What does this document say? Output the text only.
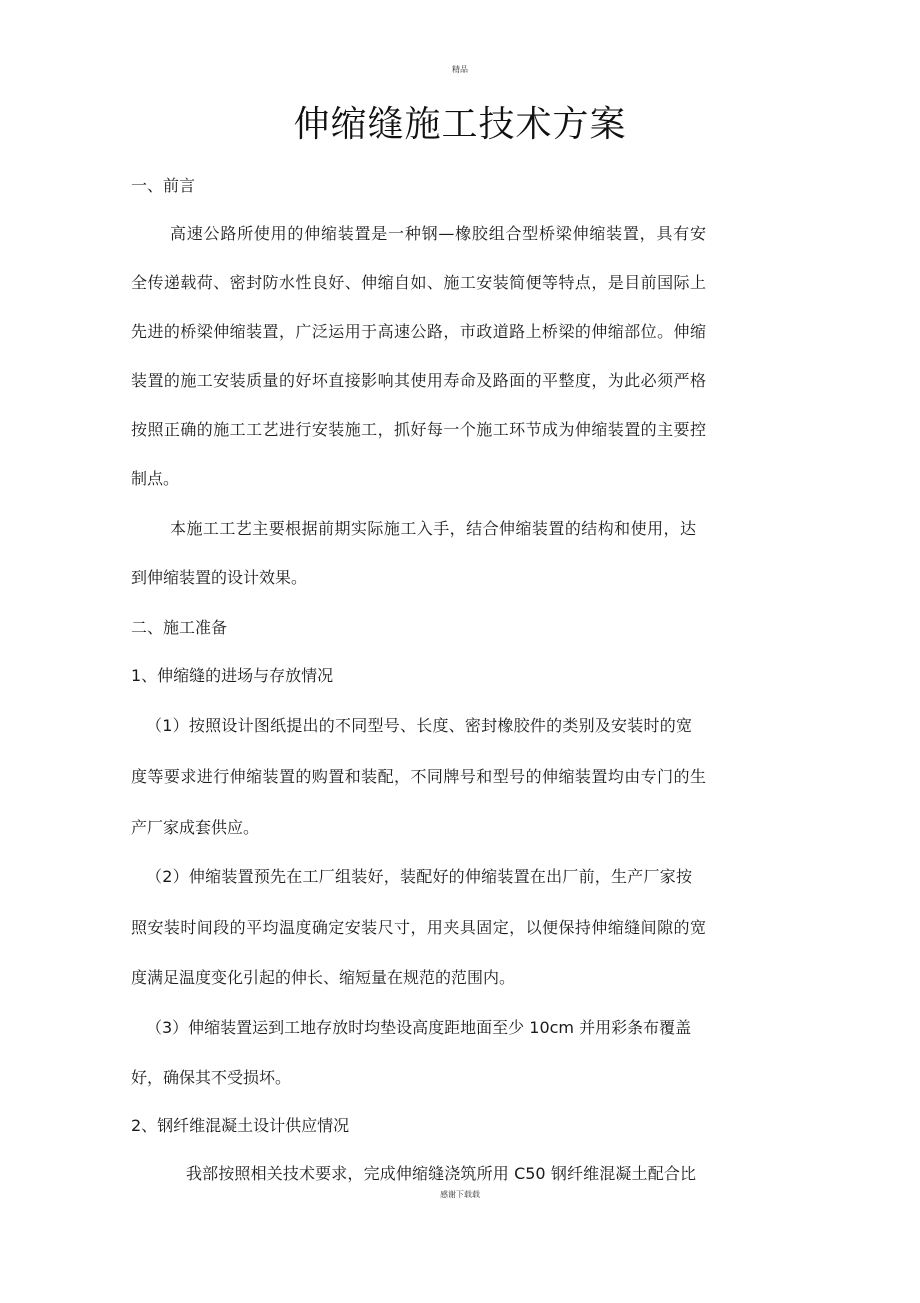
精品
伸缩缝施工技术方案
一、前言
高速公路所使用的伸缩装置是一种钢—橡胶组合型桥梁伸缩装置，具有安
全传递载荷、密封防水性良好、伸缩自如、施工安装简便等特点，是目前国际上
先进的桥梁伸缩装置，广泛运用于高速公路，市政道路上桥梁的伸缩部位。伸缩
装置的施工安装质量的好坏直接影响其使用寿命及路面的平整度，为此必须严格
按照正确的施工工艺进行安装施工，抓好每一个施工环节成为伸缩装置的主要控
制点。
本施工工艺主要根据前期实际施工入手，结合伸缩装置的结构和使用，达
到伸缩装置的设计效果。
二、施工准备
1、伸缩缝的进场与存放情况
（1）按照设计图纸提出的不同型号、长度、密封橡胶件的类别及安装时的宽
度等要求进行伸缩装置的购置和装配，不同牌号和型号的伸缩装置均由专门的生
产厂家成套供应。
（2）伸缩装置预先在工厂组装好，装配好的伸缩装置在出厂前，生产厂家按
照安装时间段的平均温度确定安装尺寸，用夹具固定，以便保持伸缩缝间隙的宽
度满足温度变化引起的伸长、缩短量在规范的范围内。
（3）伸缩装置运到工地存放时均垫设高度距地面至少 10cm 并用彩条布覆盖
好，确保其不受损坏。
2、钢纤维混凝土设计供应情况
我部按照相关技术要求，完成伸缩缝浇筑所用 C50 钢纤维混凝土配合比
感谢下载载
